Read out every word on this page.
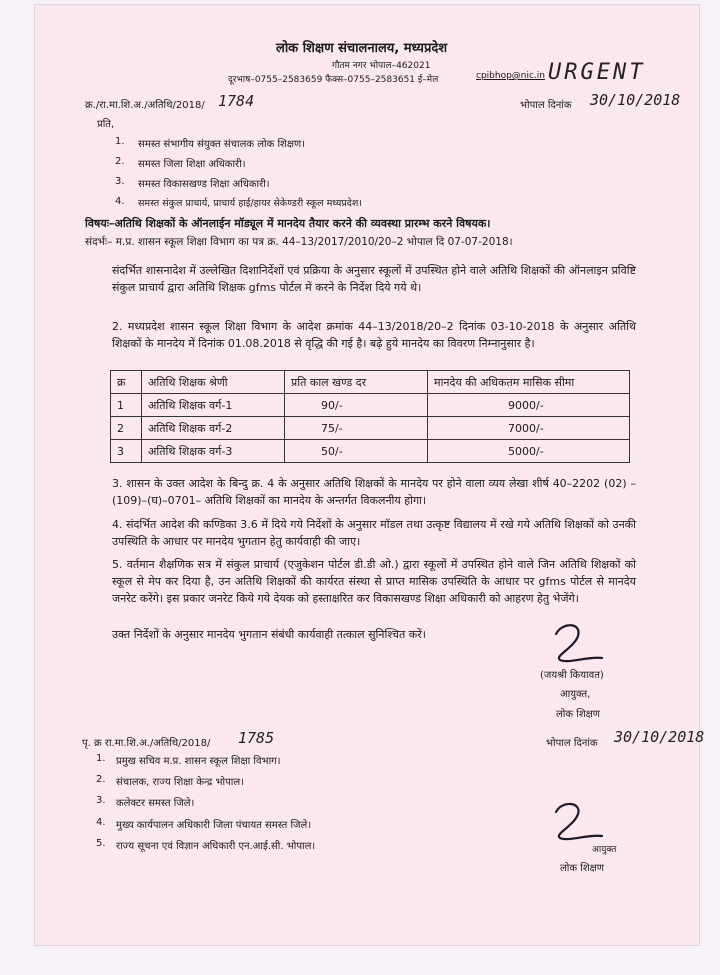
लोक शिक्षण संचालनालय, मध्यप्रदेश
गौतम नगर भोपाल–462021
दूरभाष–0755–2583659 फैक्स–0755–2583651 ई–मेल	cpibhop@nic.in URGENT
क्र./रा.मा.शि.अ./अतिथि/2018/ 1784	भोपाल दिनांक 30/10/2018
प्रति,
1. समस्त संभागीय संयुक्त संचालक लोक शिक्षण।
2. समस्त जिला शिक्षा अधिकारी।
3. समस्त विकासखण्ड शिक्षा अधिकारी।
4. समस्त संकुल प्राचार्य, प्राचार्य हाई/हायर सेकेण्डरी स्कूल मध्यप्रदेश।
विषयः–अतिथि शिक्षकों के ऑनलाईन मॉड्यूल में मानदेय तैयार करने की व्यवस्था प्रारम्भ करने विषयक।
संदर्भः– म.प्र. शासन स्कूल शिक्षा विभाग का पत्र क्र. 44–13/2017/2010/20–2 भोपाल दि 07-07-2018।
संदर्भित शासनादेश में उल्लेखित दिशानिर्देशों एवं प्रक्रिया के अनुसार स्कूलों में उपस्थित होने वाले अतिथि शिक्षकों की ऑनलाइन प्रविष्टि संकुल प्राचार्य द्वारा अतिथि शिक्षक gfms पोर्टल में करने के निर्देश दिये गये थे।
2. मध्यप्रदेश शासन स्कूल शिक्षा विभाग के आदेश क्रमांक 44–13/2018/20–2 दिनांक 03-10-2018 के अनुसार अतिथि शिक्षकों के मानदेय में दिनांक 01.08.2018 से वृद्धि की गई है। बढ़े हुये मानदेय का विवरण निम्नानुसार है।
क्र	अतिथि शिक्षक श्रेणी	प्रति काल खण्ड दर	मानदेय की अधिकतम मासिक सीमा
1	अतिथि शिक्षक वर्ग-1	90/-	9000/-
2	अतिथि शिक्षक वर्ग-2	75/-	7000/-
3	अतिथि शिक्षक वर्ग-3	50/-	5000/-
3. शासन के उक्त आदेश के बिन्दु क्र. 4 के अनुसार अतिथि शिक्षकों के मानदेय पर होने वाला व्यय लेखा शीर्ष 40–2202 (02) – (109)–(घ)–0701– अतिथि शिक्षकों का मानदेय के अन्तर्गत विकलनीय होगा।
4. संदर्भित आदेश की कण्डिका 3.6 में दिये गये निर्देशों के अनुसार मॉडल तथा उत्कृष्ट विद्यालय में रखे गये अतिथि शिक्षकों को उनकी उपस्थिति के आधार पर मानदेय भुगतान हेतु कार्यवाही की जाए।
5. वर्तमान शैक्षणिक सत्र में संकुल प्राचार्य (एजुकेशन पोर्टल डी.डी ओ.) द्वारा स्कूलों में उपस्थित होने वाले जिन अतिथि शिक्षकों को स्कूल से मेप कर दिया है, उन अतिथि शिक्षकों की कार्यरत संस्था से प्राप्त मासिक उपस्थिति के आधार पर gfms पोर्टल से मानदेय जनरेट करेंगे। इस प्रकार जनरेट किये गये देयक को हस्ताक्षरित कर विकासखण्ड शिक्षा अधिकारी को आहरण हेतु भेजेंगे।
उक्त निर्देशों के अनुसार मानदेय भुगतान संबंधी कार्यवाही तत्काल सुनिश्चित करें।
(जयश्री कियावत)
आयुक्त,
लोक शिक्षण
पृ. क्र रा.मा.शि.अ./अतिथि/2018/ 1785	भोपाल दिनांक 30/10/2018
1. प्रमुख सचिव म.प्र. शासन स्कूल शिक्षा विभाग।
2. संचालक, राज्य शिक्षा केन्द्र भोपाल।
3. कलेक्टर समस्त जिले।
4. मुख्य कार्यपालन अधिकारी जिला पंचायत समस्त जिले।
5. राज्य सूचना एवं विज्ञान अधिकारी एन.आई.सी. भोपाल।	आयुक्त
लोक शिक्षण
